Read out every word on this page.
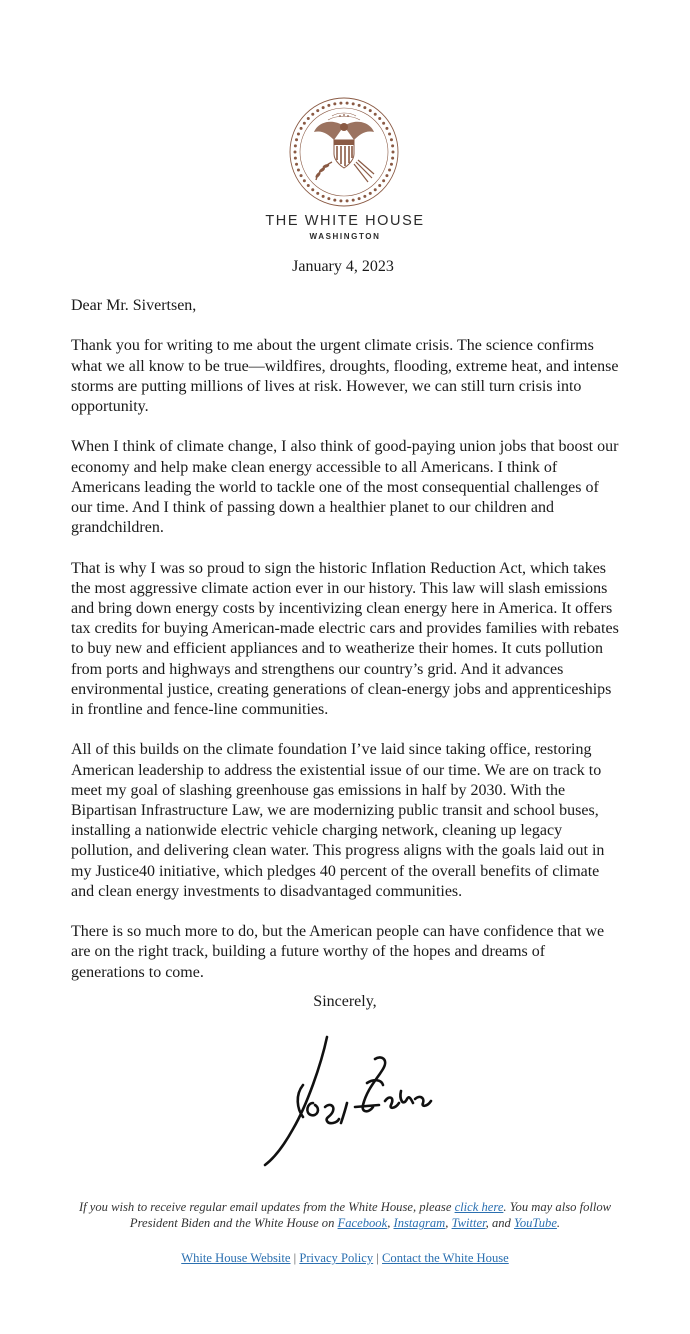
THE WHITE HOUSE
WASHINGTON
January 4, 2023

Dear Mr. Sivertsen,

Thank you for writing to me about the urgent climate crisis. The science confirms what we all know to be true—wildfires, droughts, flooding, extreme heat, and intense storms are putting millions of lives at risk. However, we can still turn crisis into opportunity.

When I think of climate change, I also think of good-paying union jobs that boost our economy and help make clean energy accessible to all Americans. I think of Americans leading the world to tackle one of the most consequential challenges of our time. And I think of passing down a healthier planet to our children and grandchildren.

That is why I was so proud to sign the historic Inflation Reduction Act, which takes the most aggressive climate action ever in our history. This law will slash emissions and bring down energy costs by incentivizing clean energy here in America. It offers tax credits for buying American-made electric cars and provides families with rebates to buy new and efficient appliances and to weatherize their homes. It cuts pollution from ports and highways and strengthens our country’s grid. And it advances environmental justice, creating generations of clean-energy jobs and apprenticeships in frontline and fence-line communities.

All of this builds on the climate foundation I’ve laid since taking office, restoring American leadership to address the existential issue of our time. We are on track to meet my goal of slashing greenhouse gas emissions in half by 2030. With the Bipartisan Infrastructure Law, we are modernizing public transit and school buses, installing a nationwide electric vehicle charging network, cleaning up legacy pollution, and delivering clean water. This progress aligns with the goals laid out in my Justice40 initiative, which pledges 40 percent of the overall benefits of climate and clean energy investments to disadvantaged communities.

There is so much more to do, but the American people can have confidence that we are on the right track, building a future worthy of the hopes and dreams of generations to come.

Sincerely,
If you wish to receive regular email updates from the White House, please click here. You may also follow President Biden and the White House on Facebook, Instagram, Twitter, and YouTube.
White House Website | Privacy Policy | Contact the White House
